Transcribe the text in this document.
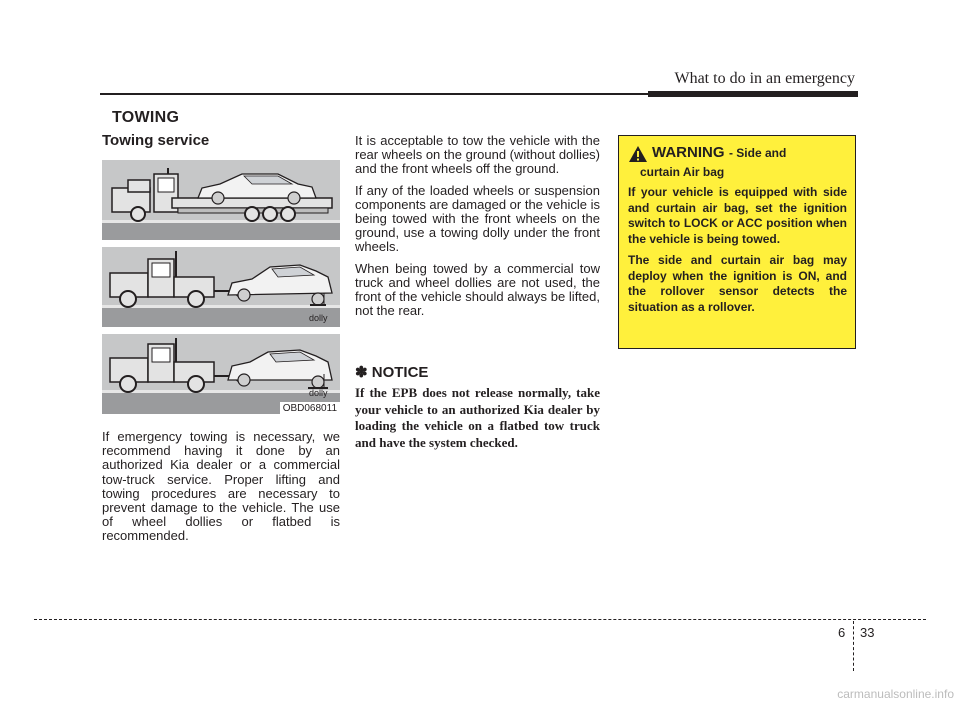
What to do in an emergency
TOWING
Towing service
dolly
dolly
OBD068011

If emergency towing is necessary, we recommend having it done by an authorized Kia dealer or a commercial tow-truck service. Proper lifting and towing procedures are necessary to prevent damage to the vehicle. The use of wheel dollies or flatbed is recommended.

It is acceptable to tow the vehicle with the rear wheels on the ground (without dollies) and the front wheels off the ground.

If any of the loaded wheels or suspension components are damaged or the vehicle is being towed with the front wheels on the ground, use a towing dolly under the front wheels.

When being towed by a commercial tow truck and wheel dollies are not used, the front of the vehicle should always be lifted, not the rear.

✽ NOTICE

If the EPB does not release normally, take your vehicle to an authorized Kia dealer by loading the vehicle on a flatbed tow truck and have the system checked.

WARNING - Side and
curtain Air bag

If your vehicle is equipped with side and curtain air bag, set the ignition switch to LOCK or ACC position when the vehicle is being towed.

The side and curtain air bag may deploy when the ignition is ON, and the rollover sensor detects the situation as a rollover.

6 33
carmanualsonline.info
